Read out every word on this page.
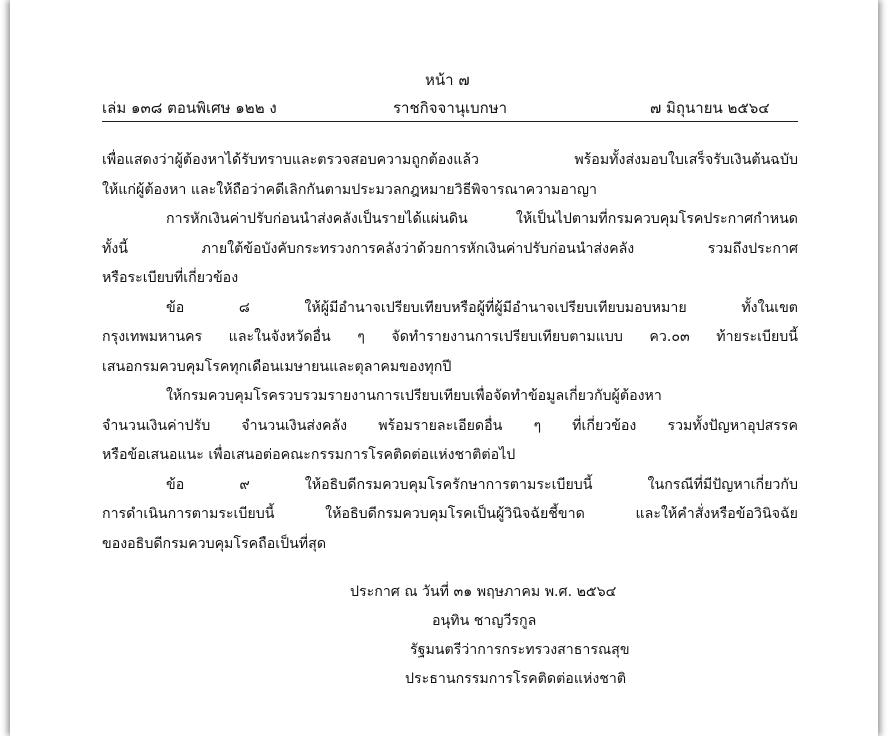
หน้า ๗
เล่ม ๑๓๘ ตอนพิเศษ ๑๒๒ ง	ราชกิจจานุเบกษา	๗ มิถุนายน ๒๕๖๔
เพื่อแสดงว่าผู้ต้องหาได้รับทราบและตรวจสอบความถูกต้องแล้ว พร้อมทั้งส่งมอบใบเสร็จรับเงินต้นฉบับ
ให้แก่ผู้ต้องหา และให้ถือว่าคดีเลิกกันตามประมวลกฎหมายวิธีพิจารณาความอาญา
การหักเงินค่าปรับก่อนนำส่งคลังเป็นรายได้แผ่นดิน ให้เป็นไปตามที่กรมควบคุมโรคประกาศกำหนด
ทั้งนี้ ภายใต้ข้อบังคับกระทรวงการคลังว่าด้วยการหักเงินค่าปรับก่อนนำส่งคลัง รวมถึงประกาศ
หรือระเบียบที่เกี่ยวข้อง
ข้อ ๘ ให้ผู้มีอำนาจเปรียบเทียบหรือผู้ที่ผู้มีอำนาจเปรียบเทียบมอบหมาย ทั้งในเขต
กรุงเทพมหานคร และในจังหวัดอื่น ๆ จัดทำรายงานการเปรียบเทียบตามแบบ คว.๐๓ ท้ายระเบียบนี้
เสนอกรมควบคุมโรคทุกเดือนเมษายนและตุลาคมของทุกปี
ให้กรมควบคุมโรครวบรวมรายงานการเปรียบเทียบเพื่อจัดทำข้อมูลเกี่ยวกับผู้ต้องหา
จำนวนเงินค่าปรับ จำนวนเงินส่งคลัง พร้อมรายละเอียดอื่น ๆ ที่เกี่ยวข้อง รวมทั้งปัญหาอุปสรรค
หรือข้อเสนอแนะ เพื่อเสนอต่อคณะกรรมการโรคติดต่อแห่งชาติต่อไป
ข้อ ๙ ให้อธิบดีกรมควบคุมโรครักษาการตามระเบียบนี้ ในกรณีที่มีปัญหาเกี่ยวกับ
การดำเนินการตามระเบียบนี้ ให้อธิบดีกรมควบคุมโรคเป็นผู้วินิจฉัยชี้ขาด และให้คำสั่งหรือข้อวินิจฉัย
ของอธิบดีกรมควบคุมโรคถือเป็นที่สุด
ประกาศ ณ วันที่ ๓๑ พฤษภาคม พ.ศ. ๒๕๖๔
อนุทิน ชาญวีรกูล
รัฐมนตรีว่าการกระทรวงสาธารณสุข
ประธานกรรมการโรคติดต่อแห่งชาติ
